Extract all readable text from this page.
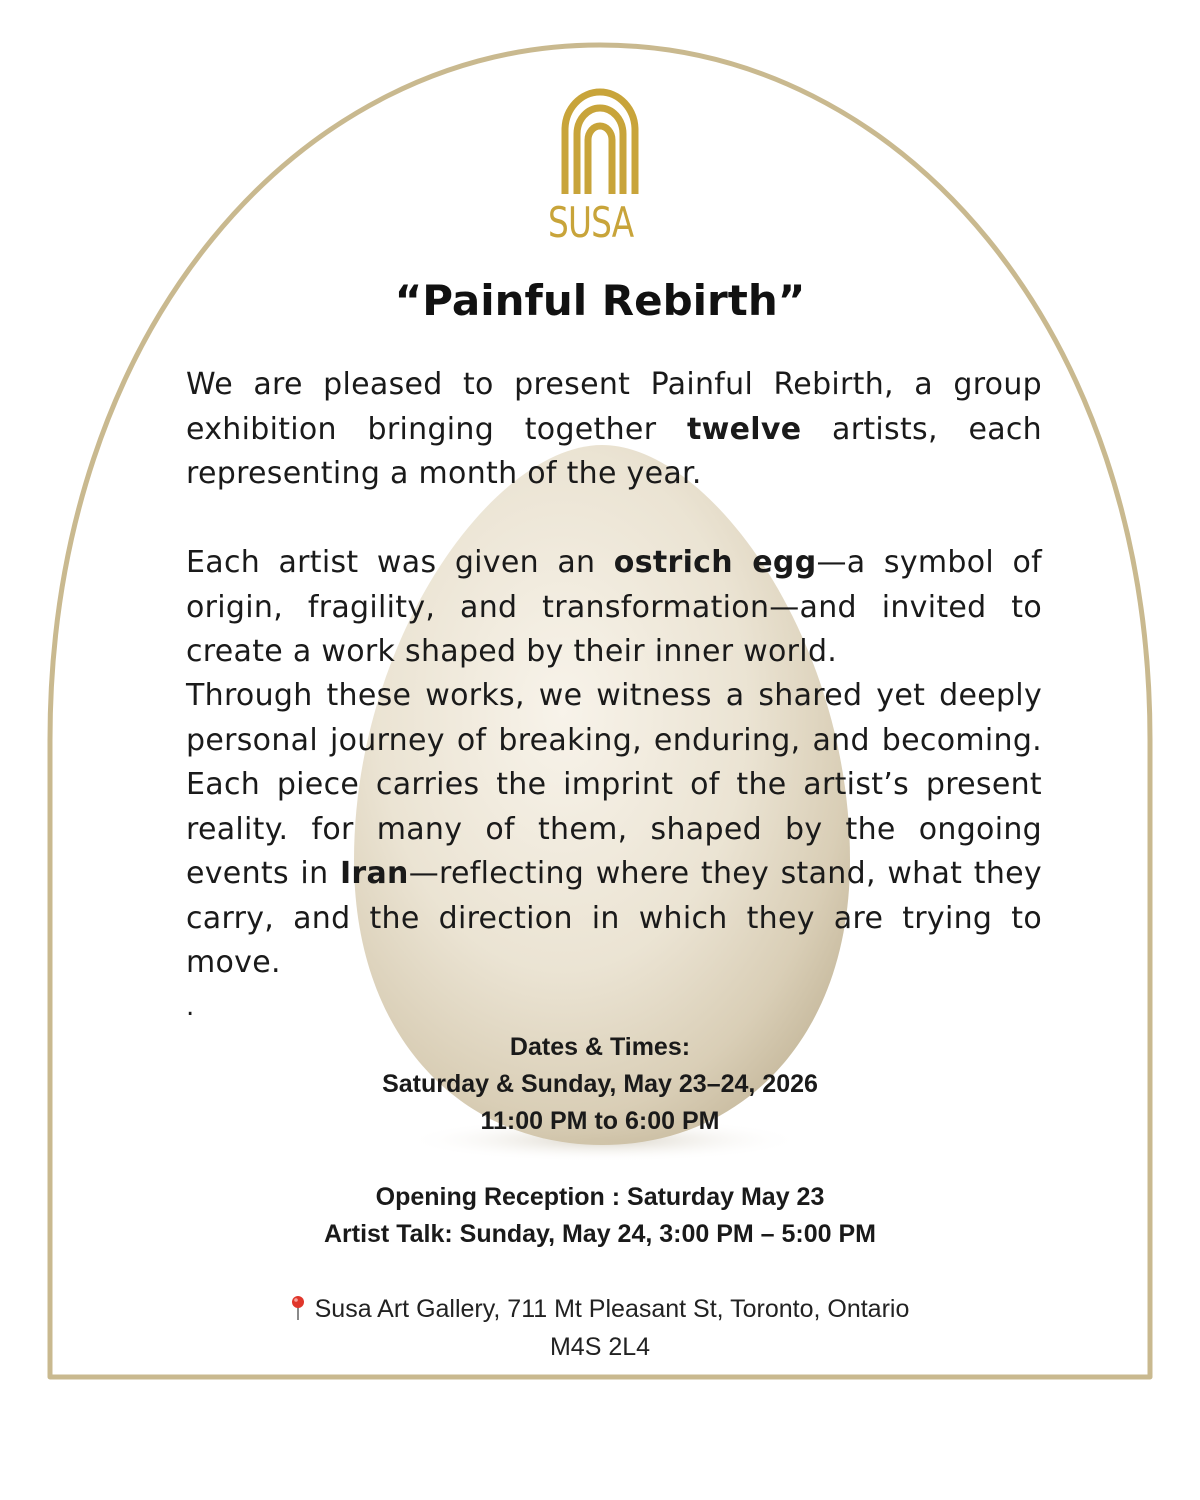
SUSA
“Painful Rebirth”
We are pleased to present Painful Rebirth, a group exhibition bringing together twelve artists, each representing a month of the year.
Each artist was given an ostrich egg—a symbol of origin, fragility, and transformation—and invited to create a work shaped by their inner world.
Through these works, we witness a shared yet deeply personal journey of breaking, enduring, and becoming. Each piece carries the imprint of the artist’s present reality. for many of them, shaped by the ongoing events in Iran—reflecting where they stand, what they carry, and the direction in which they are trying to move.
.
Dates & Times:
Saturday & Sunday, May 23–24, 2026
11:00 PM to 6:00 PM
Opening Reception : Saturday May 23
Artist Talk: Sunday, May 24, 3:00 PM – 5:00 PM
Susa Art Gallery, 711 Mt Pleasant St, Toronto, Ontario
M4S 2L4
